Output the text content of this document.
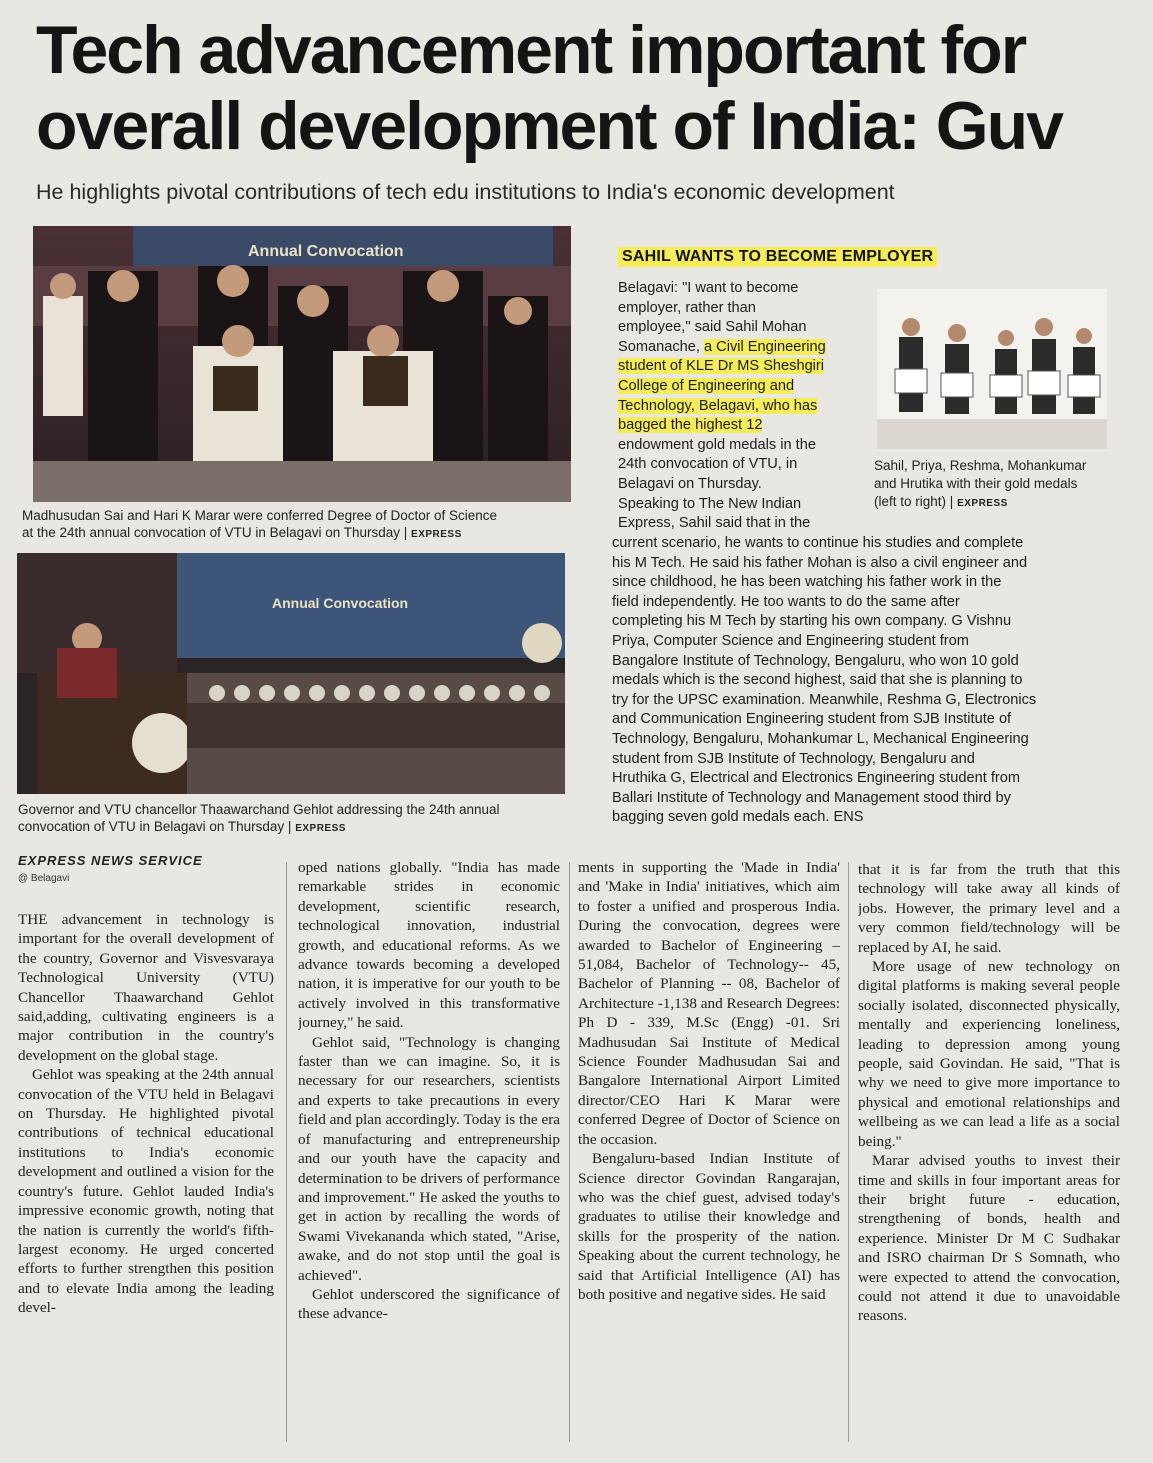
Tech advancement important for
overall development of India: Guv
He highlights pivotal contributions of tech edu institutions to India's economic development
Annual Convocation
Madhusudan Sai and Hari K Marar were conferred Degree of Doctor of Science
at the 24th annual convocation of VTU in Belagavi on Thursday | EXPRESS
Annual Convocation
Governor and VTU chancellor Thaawarchand Gehlot addressing the 24th annual
convocation of VTU in Belagavi on Thursday | EXPRESS
Sahil, Priya, Reshma, Mohankumar
and Hrutika with their gold medals
(left to right) | EXPRESS
SAHIL WANTS TO BECOME EMPLOYER
Belagavi: "I want to become
employer, rather than
employee," said Sahil Mohan
Somanache, a Civil Engineering
student of KLE Dr MS Sheshgiri
College of Engineering and
Technology, Belagavi, who has
bagged the highest 12
endowment gold medals in the
24th convocation of VTU, in
Belagavi on Thursday.
Speaking to The New Indian
Express, Sahil said that in the
current scenario, he wants to continue his studies and complete
his M Tech. He said his father Mohan is also a civil engineer and
since childhood, he has been watching his father work in the
field independently. He too wants to do the same after
completing his M Tech by starting his own company. G Vishnu
Priya, Computer Science and Engineering student from
Bangalore Institute of Technology, Bengaluru, who won 10 gold
medals which is the second highest, said that she is planning to
try for the UPSC examination. Meanwhile, Reshma G, Electronics
and Communication Engineering student from SJB Institute of
Technology, Bengaluru, Mohankumar L, Mechanical Engineering
student from SJB Institute of Technology, Bengaluru and
Hruthika G, Electrical and Electronics Engineering student from
Ballari Institute of Technology and Management stood third by
bagging seven gold medals each. ENS
EXPRESS NEWS SERVICE
@ Belagavi

THE advancement in technology is important for the overall development of the country, Governor and Visvesvaraya Technological University (VTU) Chancellor Thaawarchand Gehlot said,adding, cultivating engineers is a major contribution in the country's development on the global stage.

Gehlot was speaking at the 24th annual convocation of the VTU held in Belagavi on Thursday. He highlighted pivotal contributions of technical educational institutions to India's economic development and outlined a vision for the country's future. Gehlot lauded India's impressive economic growth, noting that the nation is currently the world's fifth-largest economy. He urged concerted efforts to further strengthen this position and to elevate India among the leading devel-

oped nations globally. "India has made remarkable strides in economic development, scientific research, technological innovation, industrial growth, and educational reforms. As we advance towards becoming a developed nation, it is imperative for our youth to be actively involved in this transformative journey," he said.

Gehlot said, "Technology is changing faster than we can imagine. So, it is necessary for our researchers, scientists and experts to take precautions in every field and plan accordingly. Today is the era of manufacturing and entrepreneurship and our youth have the capacity and determination to be drivers of performance and improvement." He asked the youths to get in action by recalling the words of Swami Vivekananda which stated, "Arise, awake, and do not stop until the goal is achieved".

Gehlot underscored the significance of these advance-

ments in supporting the 'Made in India' and 'Make in India' initiatives, which aim to foster a unified and prosperous India. During the convocation, degrees were awarded to Bachelor of Engineering – 51,084, Bachelor of Technology-- 45, Bachelor of Planning -- 08, Bachelor of Architecture -1,138 and Research Degrees: Ph D - 339, M.Sc (Engg) -01. Sri Madhusudan Sai Institute of Medical Science Founder Madhusudan Sai and Bangalore International Airport Limited director/CEO Hari K Marar were conferred Degree of Doctor of Science on the occasion.

Bengaluru-based Indian Institute of Science director Govindan Rangarajan, who was the chief guest, advised today's graduates to utilise their knowledge and skills for the prosperity of the nation. Speaking about the current technology, he said that Artificial Intelligence (AI) has both positive and negative sides. He said

that it is far from the truth that this technology will take away all kinds of jobs. However, the primary level and a very common field/technology will be replaced by AI, he said.

More usage of new technology on digital platforms is making several people socially isolated, disconnected physically, mentally and experiencing loneliness, leading to depression among young people, said Govindan. He said, "That is why we need to give more importance to physical and emotional relationships and wellbeing as we can lead a life as a social being."

Marar advised youths to invest their time and skills in four important areas for their bright future - education, strengthening of bonds, health and experience. Minister Dr M C Sudhakar and ISRO chairman Dr S Somnath, who were expected to attend the convocation, could not attend it due to unavoidable reasons.
